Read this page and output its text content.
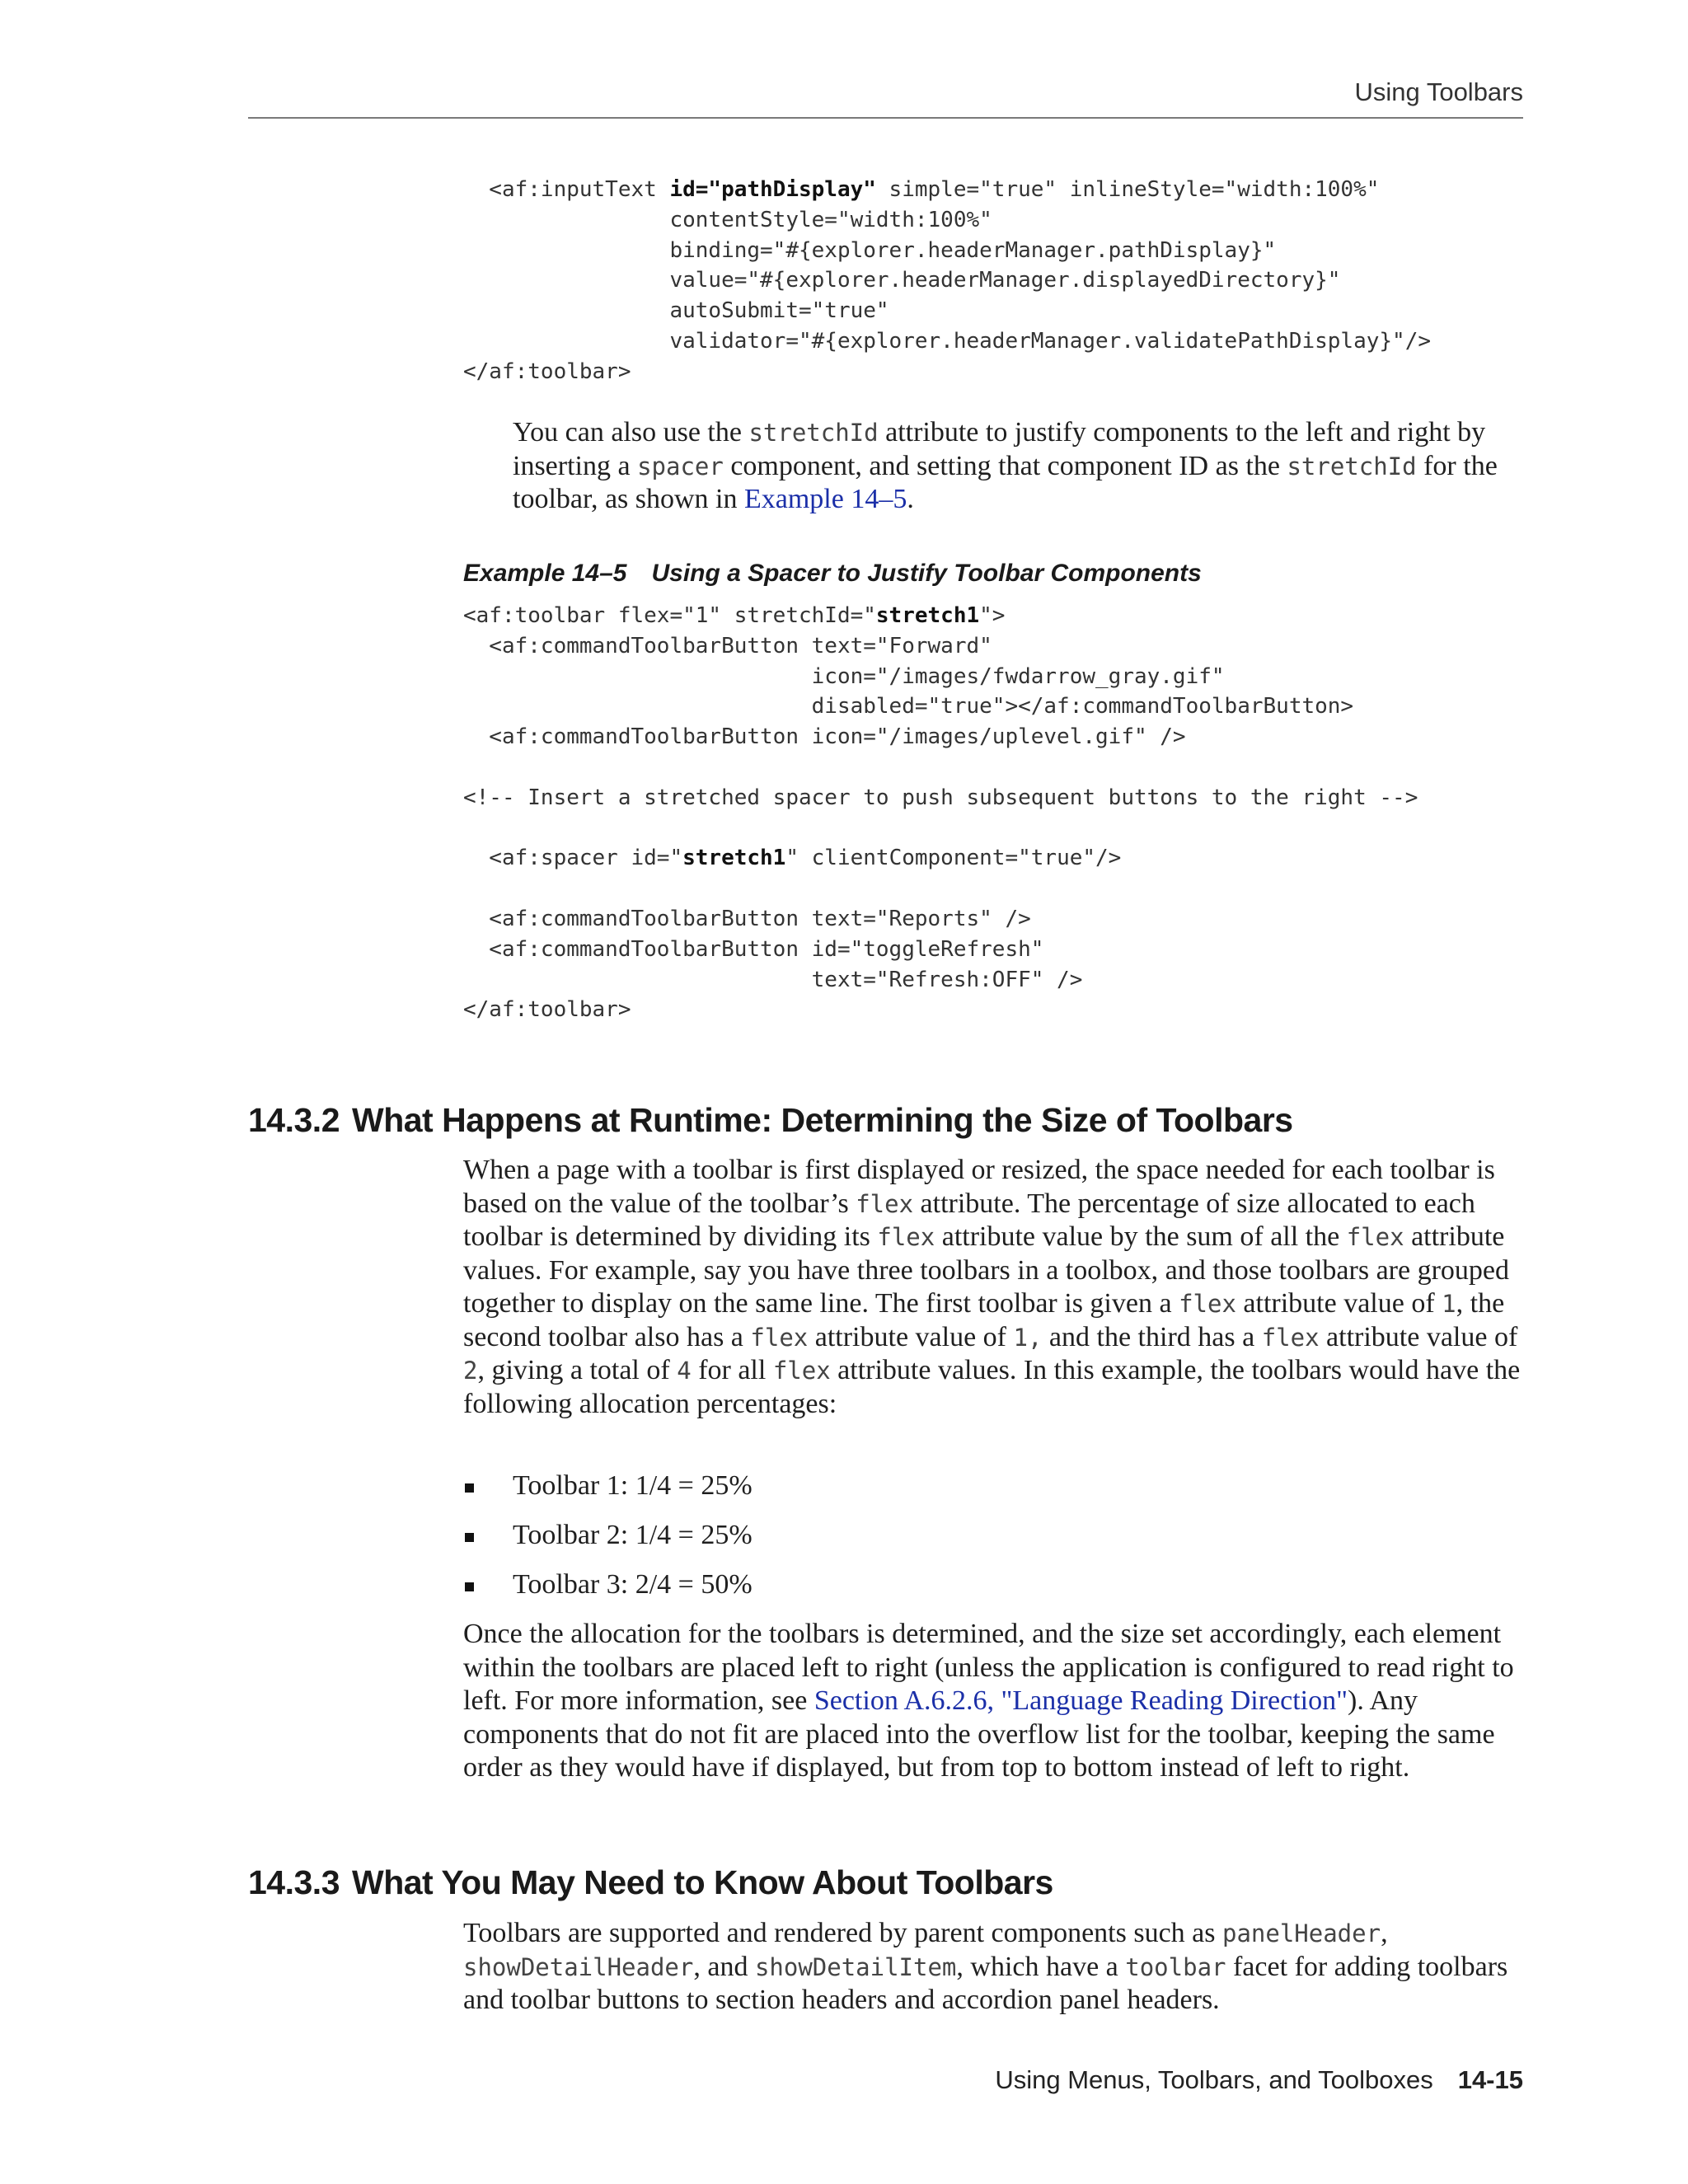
Using Toolbars
<af:inputText id="pathDisplay" simple="true" inlineStyle="width:100%"
contentStyle="width:100%"
binding="#{explorer.headerManager.pathDisplay}"
value="#{explorer.headerManager.displayedDirectory}"
autoSubmit="true"
validator="#{explorer.headerManager.validatePathDisplay}"/>
</af:toolbar>

You can also use the stretchId attribute to justify components to the left and right by inserting a spacer component, and setting that component ID as the stretchId for the toolbar, as shown in Example 14–5.

Example 14–5 Using a Spacer to Justify Toolbar Components
<af:toolbar flex="1" stretchId="stretch1">
<af:commandToolbarButton text="Forward"
icon="/images/fwdarrow_gray.gif"
disabled="true"></af:commandToolbarButton>
<af:commandToolbarButton icon="/images/uplevel.gif" />

<!-- Insert a stretched spacer to push subsequent buttons to the right -->

<af:spacer id="stretch1" clientComponent="true"/>

<af:commandToolbarButton text="Reports" />
<af:commandToolbarButton id="toggleRefresh"
text="Refresh:OFF" />
</af:toolbar>

14.3.2 What Happens at Runtime: Determining the Size of Toolbars

When a page with a toolbar is first displayed or resized, the space needed for each toolbar is based on the value of the toolbar’s flex attribute. The percentage of size allocated to each toolbar is determined by dividing its flex attribute value by the sum of all the flex attribute values. For example, say you have three toolbars in a toolbox, and those toolbars are grouped together to display on the same line. The first toolbar is given a flex attribute value of 1, the second toolbar also has a flex attribute value of 1, and the third has a flex attribute value of 2, giving a total of 4 for all flex attribute values. In this example, the toolbars would have the following allocation percentages:

Toolbar 1: 1/4 = 25%
Toolbar 2: 1/4 = 25%
Toolbar 3: 2/4 = 50%

Once the allocation for the toolbars is determined, and the size set accordingly, each element within the toolbars are placed left to right (unless the application is configured to read right to left. For more information, see Section A.6.2.6, "Language Reading Direction"). Any components that do not fit are placed into the overflow list for the toolbar, keeping the same order as they would have if displayed, but from top to bottom instead of left to right.

14.3.3 What You May Need to Know About Toolbars

Toolbars are supported and rendered by parent components such as panelHeader, showDetailHeader, and showDetailItem, which have a toolbar facet for adding toolbars and toolbar buttons to section headers and accordion panel headers.

Using Menus, Toolbars, and Toolboxes 14-15
